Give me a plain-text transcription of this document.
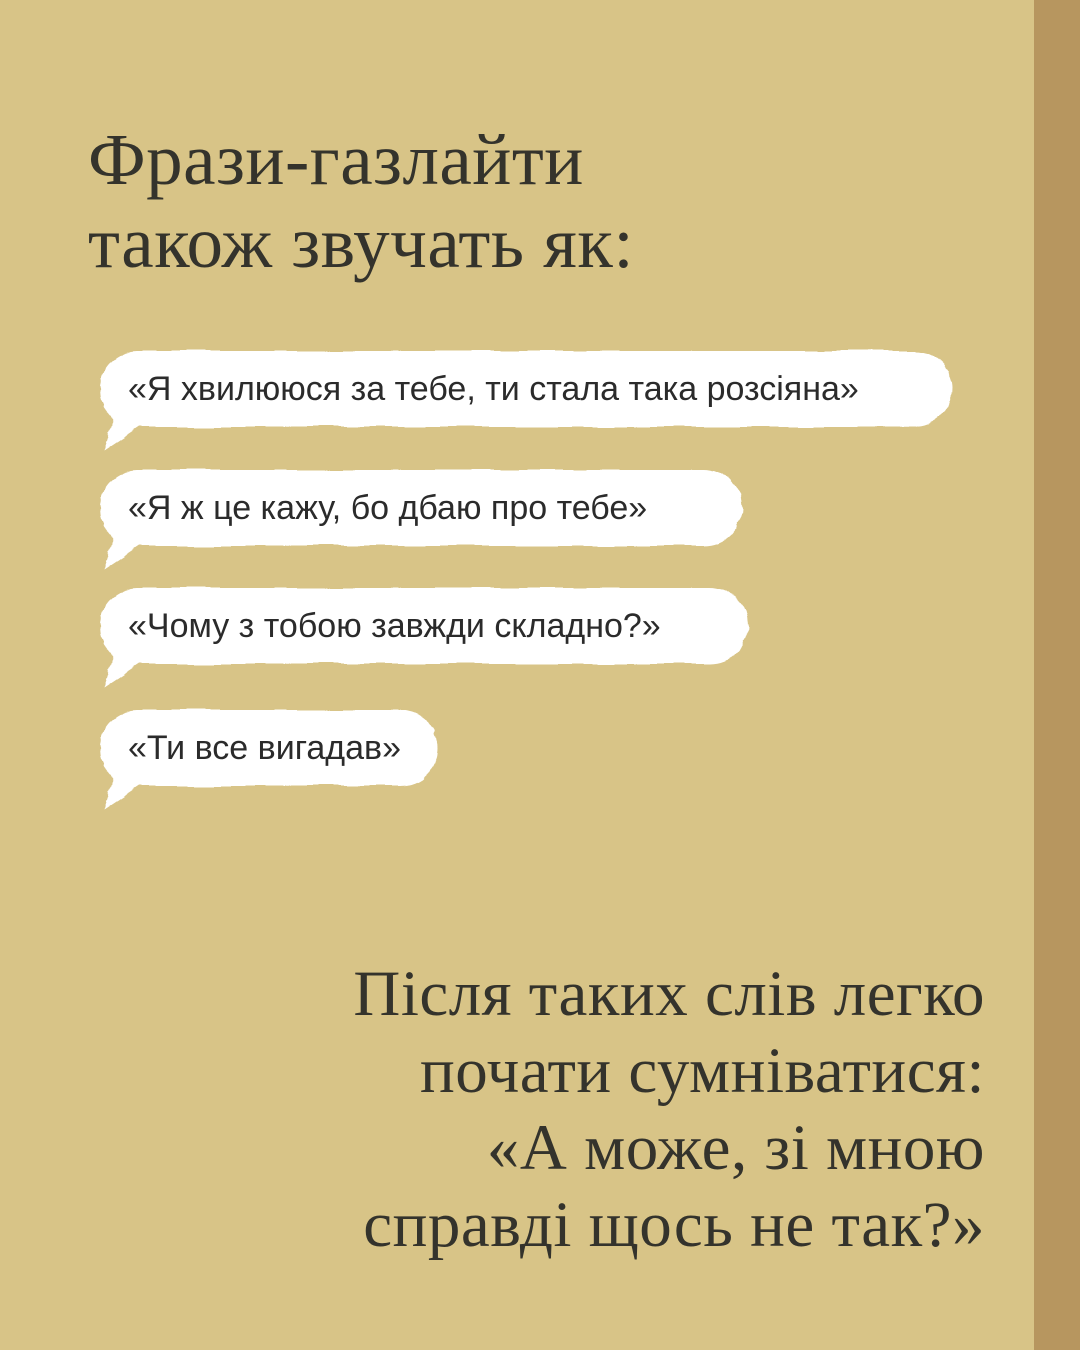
Фрази-газлайти
також звучать як:
«Я хвилююся за тебе, ти стала така розсіяна»
«Я ж це кажу, бо дбаю про тебе»
«Чому з тобою завжди складно?»
«Ти все вигадав»
Після таких слів легко
почати сумніватися:
«А може, зі мною
справді щось не так?»
